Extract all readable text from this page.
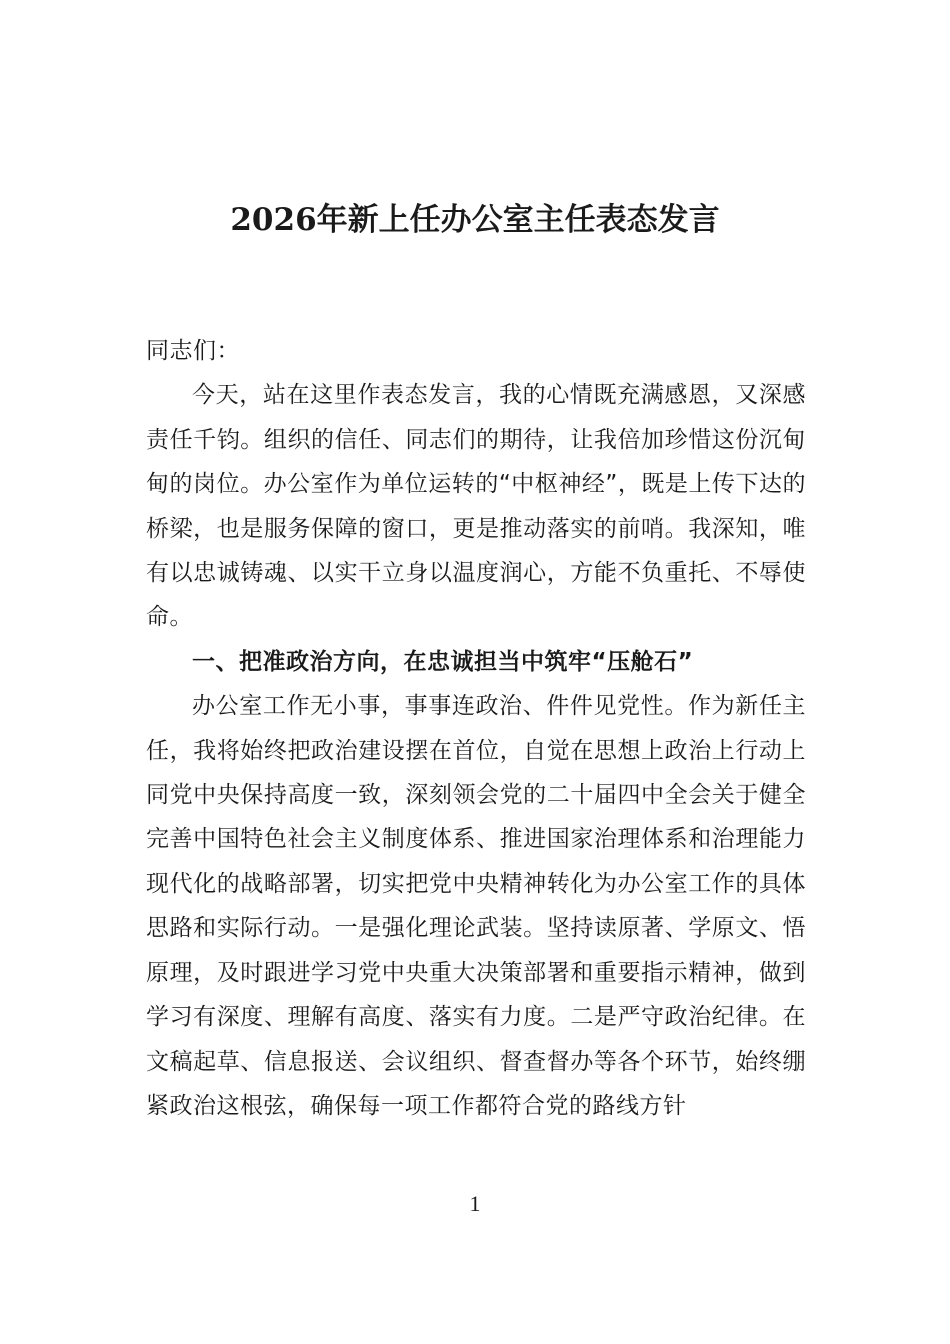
2026年新上任办公室主任表态发言

同志们：

今天，站在这里作表态发言，我的心情既充满感恩，又深感责任千钧。组织的信任、同志们的期待，让我倍加珍惜这份沉甸甸的岗位。办公室作为单位运转的“中枢神经”，既是上传下达的桥梁，也是服务保障的窗口，更是推动落实的前哨。我深知，唯有以忠诚铸魂、以实干立身以温度润心，方能不负重托、不辱使命。

一、把准政治方向，在忠诚担当中筑牢“压舱石”

办公室工作无小事，事事连政治、件件见党性。作为新任主任，我将始终把政治建设摆在首位，自觉在思想上政治上行动上同党中央保持高度一致，深刻领会党的二十届四中全会关于健全完善中国特色社会主义制度体系、推进国家治理体系和治理能力现代化的战略部署，切实把党中央精神转化为办公室工作的具体思路和实际行动。一是强化理论武装。坚持读原著、学原文、悟原理，及时跟进学习党中央重大决策部署和重要指示精神，做到学习有深度、理解有高度、落实有力度。二是严守政治纪律。在文稿起草、信息报送、会议组织、督查督办等各个环节，始终绷紧政治这根弦，确保每一项工作都符合党的路线方针

1
